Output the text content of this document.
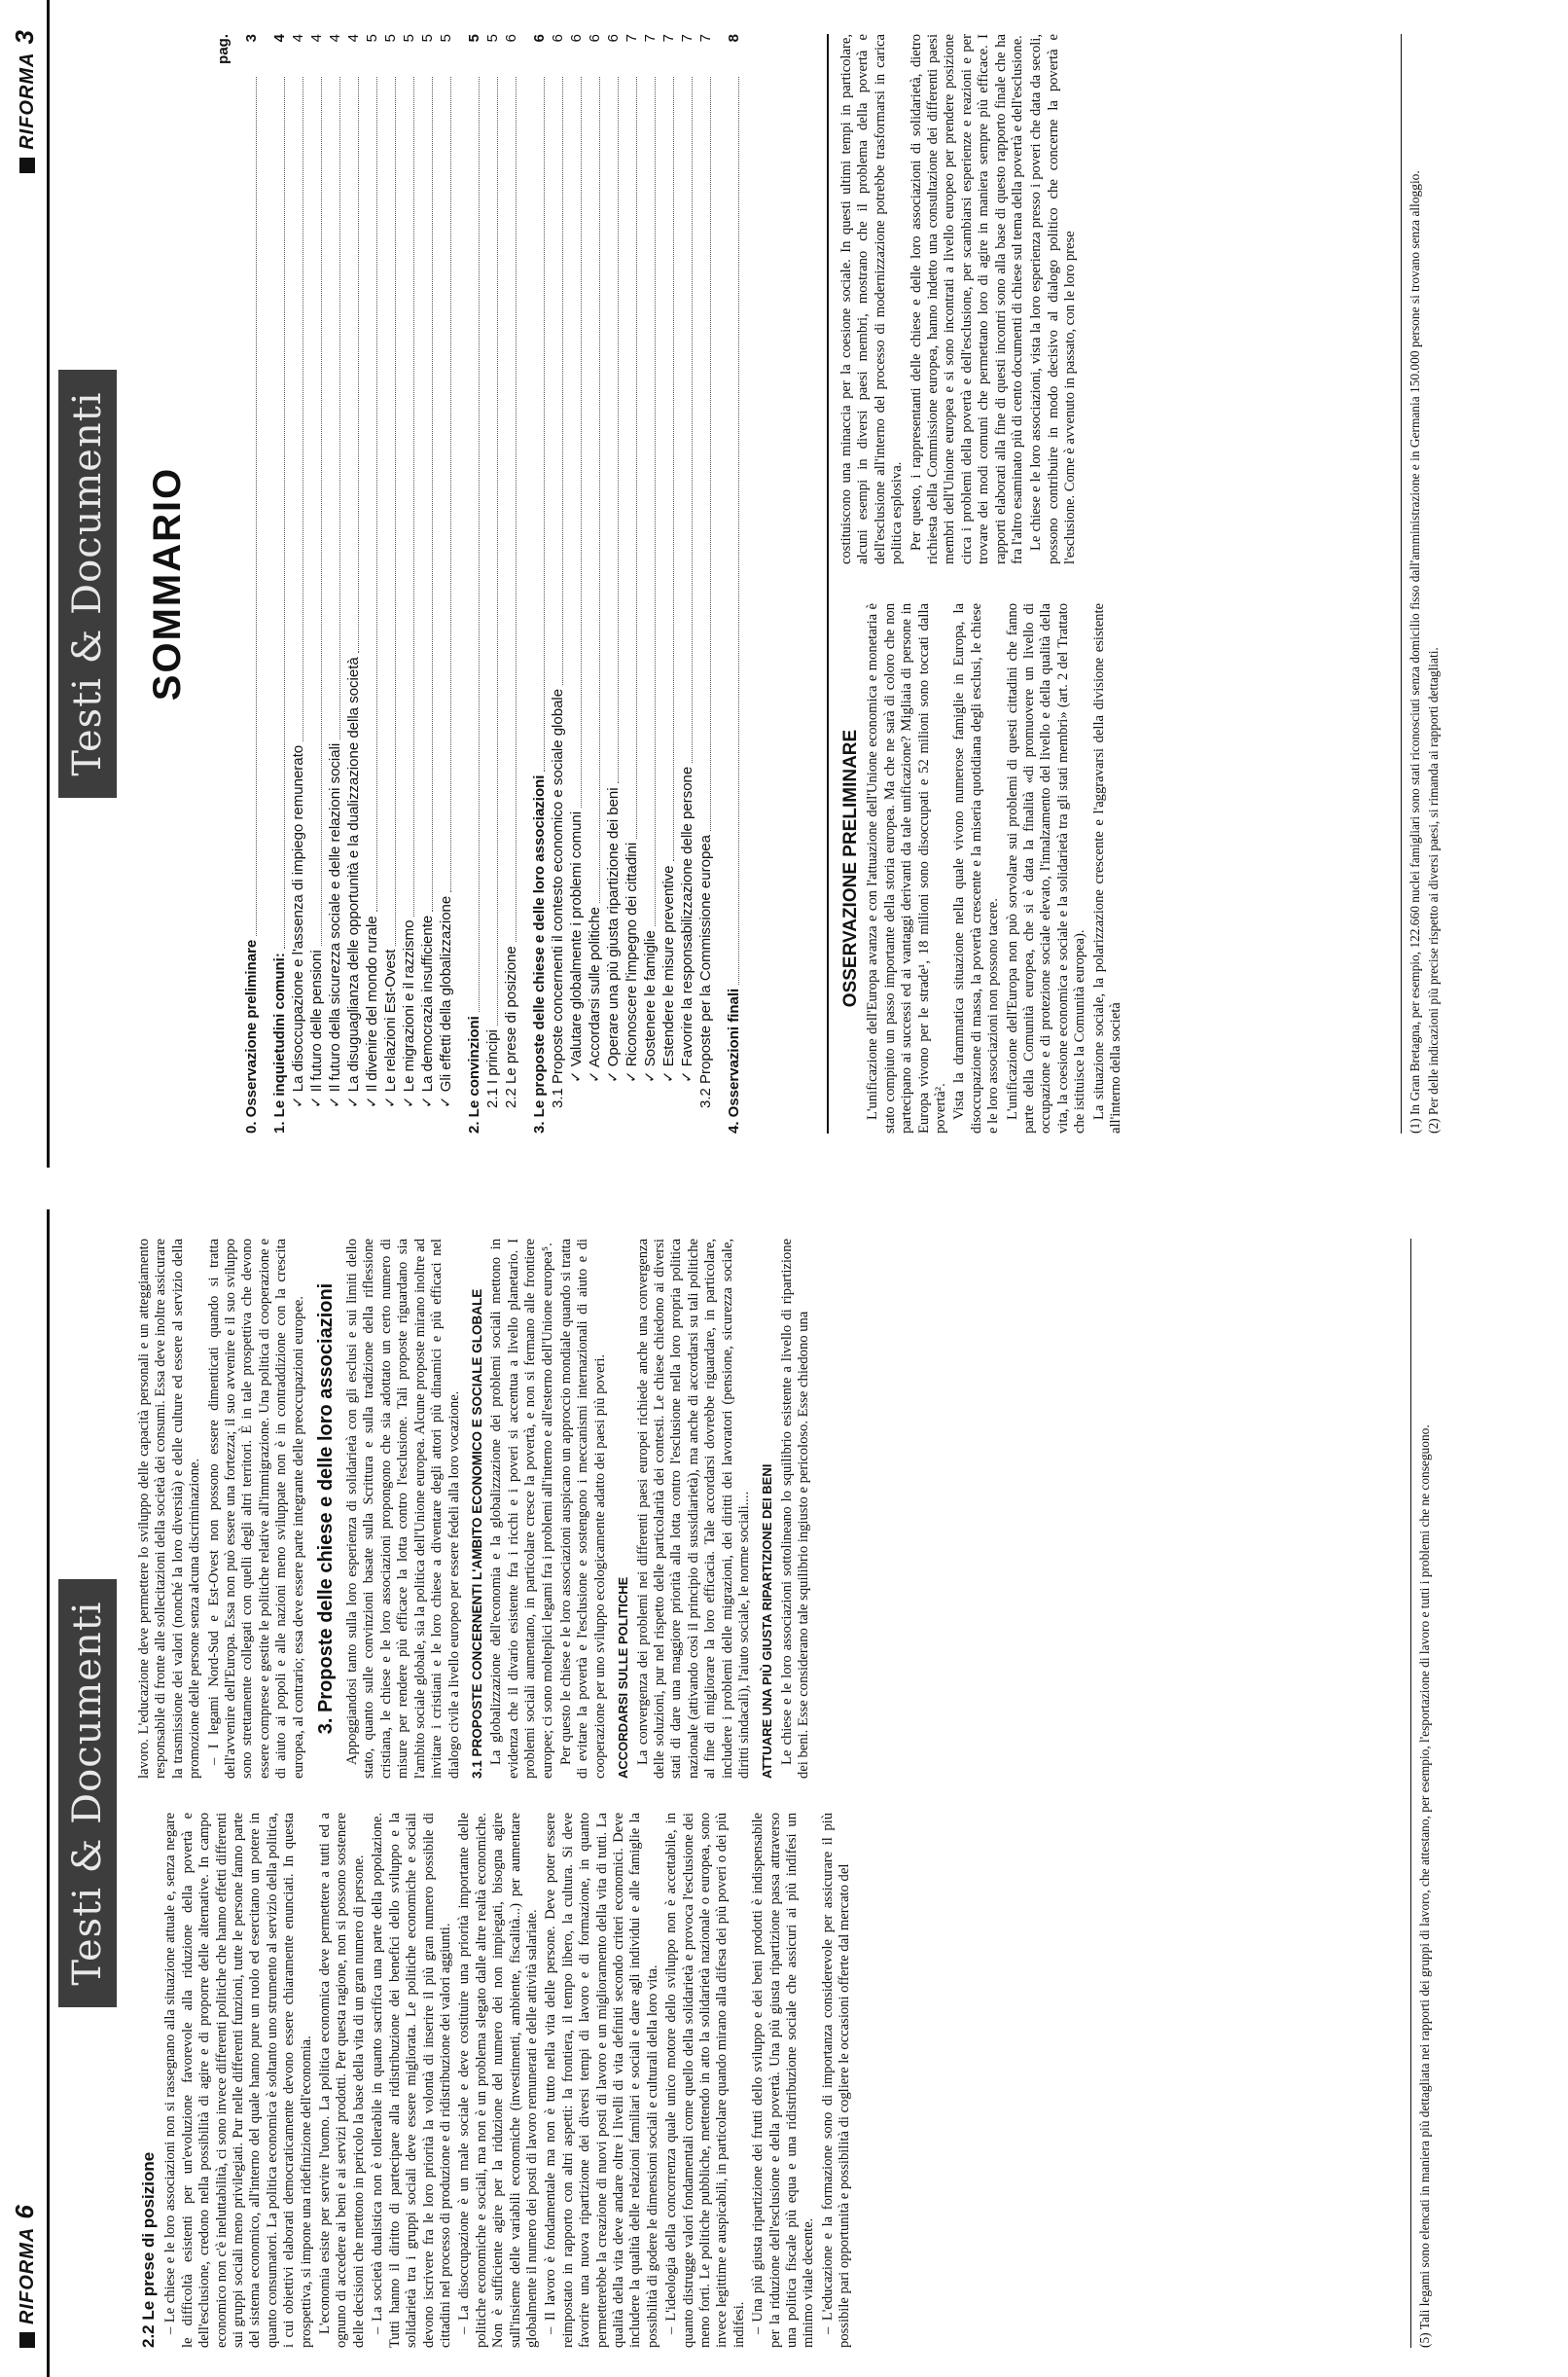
RIFORMA6
Testi & Documenti
2.2 Le prese di posizione – Le chiese e le loro associazioni non si rassegnano alla situazione attuale e, senza negare le difficoltà esistenti per un'evoluzione favorevole alla riduzione della povertà e dell'esclusione, credono nella possibilità di agire e di proporre delle alternative. In campo economico non c'è ineluttabilità, ci sono invece differenti politiche che hanno effetti differenti sui gruppi sociali meno privilegiati. Pur nelle differenti funzioni, tutte le persone fanno parte del sistema economico, all'interno del quale hanno pure un ruolo ed esercitano un potere in quanto consumatori. La politica economica è soltanto uno strumento al servizio della politica, i cui obiettivi elaborati democraticamente devono essere chiaramente enunciati. In questa prospettiva, si impone una ridefinizione dell'economia. L'economia esiste per servire l'uomo. La politica economica deve permettere a tutti ed a ognuno di accedere ai beni e ai servizi prodotti. Per questa ragione, non si possono sostenere delle decisioni che mettono in pericolo la base della vita di un gran numero di persone. – La società dualistica non è tollerabile in quanto sacrifica una parte della popolazione. Tutti hanno il diritto di partecipare alla ridistribuzione dei benefici dello sviluppo e la solidarietà tra i gruppi sociali deve essere migliorata. Le politiche economiche e sociali devono iscrivere fra le loro priorità la volontà di inserire il più gran numero possibile di cittadini nel processo di produzione e di ridistribuzione dei valori aggiunti. – La disoccupazione è un male sociale e deve costituire una priorità importante delle politiche economiche e sociali, ma non è un problema slegato dalle altre realtà economiche. Non è sufficiente agire per la riduzione del numero dei non impiegati, bisogna agire sull'insieme delle variabili economiche (investimenti, ambiente, fiscalità...) per aumentare globalmente il numero dei posti di lavoro remunerati e delle attività salariate. – Il lavoro è fondamentale ma non è tutto nella vita delle persone. Deve poter essere reimpostato in rapporto con altri aspetti: la frontiera, il tempo libero, la cultura. Si deve favorire una nuova ripartizione dei diversi tempi di lavoro e di formazione, in quanto permetterebbe la creazione di nuovi posti di lavoro e un miglioramento della vita di tutti. La qualità della vita deve andare oltre i livelli di vita definiti secondo criteri economici. Deve includere la qualità delle relazioni familiari e sociali e dare agli individui e alle famiglie la possibilità di godere le dimensioni sociali e culturali della loro vita. – L'ideologia della concorrenza quale unico motore dello sviluppo non è accettabile, in quanto distrugge valori fondamentali come quello della solidarietà e provoca l'esclusione dei meno forti. Le politiche pubbliche, mettendo in atto la solidarietà nazionale o europea, sono invece legittime e auspicabili, in particolare quando mirano alla difesa dei più poveri o dei più indifesi. – Una più giusta ripartizione dei frutti dello sviluppo e dei beni prodotti è indispensabile per la riduzione dell'esclusione e della povertà. Una più giusta ripartizione passa attraverso una politica fiscale più equa e una ridistribuzione sociale che assicuri ai più indifesi un minimo vitale decente. – L'educazione e la formazione sono di importanza considerevole per assicurare il più possibile pari opportunità e possibilità di cogliere le occasioni offerte dal mercato del

lavoro. L'educazione deve permettere lo sviluppo delle capacità personali e un atteggiamento responsabile di fronte alle sollecitazioni della società dei consumi. Essa deve inoltre assicurare la trasmissione dei valori (nonché la loro diversità) e delle culture ed essere al servizio della promozione delle persone senza alcuna discriminazione. – I legami Nord-Sud e Est-Ovest non possono essere dimenticati quando si tratta dell'avvenire dell'Europa. Essa non può essere una fortezza; il suo avvenire e il suo sviluppo sono strettamente collegati con quelli degli altri territori. È in tale prospettiva che devono essere comprese e gestite le politiche relative all'immigrazione. Una politica di cooperazione e di aiuto ai popoli e alle nazioni meno sviluppate non è in contraddizione con la crescita europea, al contrario; essa deve essere parte integrante delle preoccupazioni europee. 3. Proposte delle chiese e delle loro associazioni Appoggiandosi tanto sulla loro esperienza di solidarietà con gli esclusi e sui limiti dello stato, quanto sulle convinzioni basate sulla Scrittura e sulla tradizione della riflessione cristiana, le chiese e le loro associazioni propongono che sia adottato un certo numero di misure per rendere più efficace la lotta contro l'esclusione. Tali proposte riguardano sia l'ambito sociale globale, sia la politica dell'Unione europea. Alcune proposte mirano inoltre ad invitare i cristiani e le loro chiese a diventare degli attori più dinamici e più efficaci nel dialogo civile a livello europeo per essere fedeli alla loro vocazione. 3.1 PROPOSTE CONCERNENTI L'AMBITO ECONOMICO E SOCIALE GLOBALE La globalizzazione dell'economia e la globalizzazione dei problemi sociali mettono in evidenza che il divario esistente fra i ricchi e i poveri si accentua a livello planetario. I problemi sociali aumentano, in particolare cresce la povertà, e non si fermano alle frontiere europee; ci sono molteplici legami fra i problemi all'interno e all'esterno dell'Unione europea⁵. Per questo le chiese e le loro associazioni auspicano un approccio mondiale quando si tratta di evitare la povertà e l'esclusione e sostengono i meccanismi internazionali di aiuto e di cooperazione per uno sviluppo ecologicamente adatto dei paesi più poveri. ACCORDARSI SULLE POLITICHE La convergenza dei problemi nei differenti paesi europei richiede anche una convergenza delle soluzioni, pur nel rispetto delle particolarità dei contesti. Le chiese chiedono ai diversi stati di dare una maggiore priorità alla lotta contro l'esclusione nella loro propria politica nazionale (attivando così il principio di sussidiarietà), ma anche di accordarsi su tali politiche al fine di migliorare la loro efficacia. Tale accordarsi dovrebbe riguardare, in particolare, includere i problemi delle migrazioni, dei diritti dei lavoratori (pensione, sicurezza sociale, diritti sindacali), l'aiuto sociale, le norme sociali.... ATTUARE UNA PIÙ GIUSTA RIPARTIZIONE DEI BENI Le chiese e le loro associazioni sottolineano lo squilibrio esistente a livello di ripartizione dei beni. Esse considerano tale squilibrio ingiusto e pericoloso. Esse chiedono una	(5) Tali legami sono elencati in maniera più dettagliata nei rapporti dei gruppi di lavoro, che attestano, per esempio, l'esportazione di lavoro e tutti i problemi che ne conseguono.

RIFORMA3
Testi & Documenti SOMMARIO
pag.
0. Osservazione preliminare
3
1. Le inquietudini comuni:
4
✓ La disoccupazione e l'assenza di impiego remunerato
4
✓ Il futuro delle pensioni
4
✓ Il futuro della sicurezza sociale e delle relazioni sociali
4
✓ La disuguaglianza delle opportunità e la dualizzazione della società
4
✓ Il divenire del mondo rurale
5
✓ Le relazioni Est-Ovest
5
✓ Le migrazioni e il razzismo
5
✓ La democrazia insufficiente
5
✓ Gli effetti della globalizzazione
5
2. Le convinzioni
5
2.1 I principi
5
2.2 Le prese di posizione
6
3. Le proposte delle chiese e delle loro associazioni
6
3.1 Proposte concernenti il contesto economico e sociale globale
6
✓ Valutare globalmente i problemi comuni
6
✓ Accordarsi sulle politiche
6
✓ Operare una più giusta ripartizione dei beni
6
✓ Riconoscere l'impegno dei cittadini
7
✓ Sostenere le famiglie
7
✓ Estendere le misure preventive
7
✓ Favorire la responsabilizzazione delle persone
7
3.2 Proposte per la Commissione europea
7
4. Osservazioni finali
8
OSSERVAZIONE PRELIMINARE L'unificazione dell'Europa avanza e con l'attuazione dell'Unione economica e monetaria è stato compiuto un passo importante della storia europea. Ma che ne sarà di coloro che non partecipano ai successi ed ai vantaggi derivanti da tale unificazione? Migliaia di persone in Europa vivono per le strade¹, 18 milioni sono disoccupati e 52 milioni sono toccati dalla povertà². Vista la drammatica situazione nella quale vivono numerose famiglie in Europa, la disoccupazione di massa, la povertà crescente e la miseria quotidiana degli esclusi, le chiese e le loro associazioni non possono tacere. L'unificazione dell'Europa non può sorvolare sui problemi di questi cittadini che fanno parte della Comunità europea, che si è data la finalità «di promuovere un livello di occupazione e di protezione sociale elevato, l'innalzamento del livello e della qualità della vita, la coesione economica e sociale e la solidarietà tra gli stati membri» (art. 2 del Trattato che istituisce la Comunità europea). La situazione sociale, la polarizzazione crescente e l'aggravarsi della divisione esistente all'interno della società

costituiscono una minaccia per la coesione sociale. In questi ultimi tempi in particolare, alcuni esempi in diversi paesi membri, mostrano che il problema della povertà e dell'esclusione all'interno del processo di modernizzazione potrebbe trasformarsi in carica politica esplosiva. Per questo, i rappresentanti delle chiese e delle loro associazioni di solidarietà, dietro richiesta della Commissione europea, hanno indetto una consultazione dei differenti paesi membri dell'Unione europea e si sono incontrati a livello europeo per prendere posizione circa i problemi della povertà e dell'esclusione, per scambiarsi esperienze e reazioni e per trovare dei modi comuni che permettano loro di agire in maniera sempre più efficace. I rapporti elaborati alla fine di questi incontri sono alla base di questo rapporto finale che ha fra l'altro esaminato più di cento documenti di chiese sul tema della povertà e dell'esclusione. Le chiese e le loro associazioni, vista la loro esperienza presso i poveri che data da secoli, possono contribuire in modo decisivo al dialogo politico che concerne la povertà e l'esclusione. Come è avvenuto in passato, con le loro prese	(1) In Gran Bretagna, per esempio, 122.660 nuclei famigliari sono stati riconosciuti senza domicilio fisso dall'amministrazione e in Germania 150.000 persone si trovano senza alloggio. (2) Per delle indicazioni più precise rispetto ai diversi paesi, si rimanda ai rapporti dettagliati.
